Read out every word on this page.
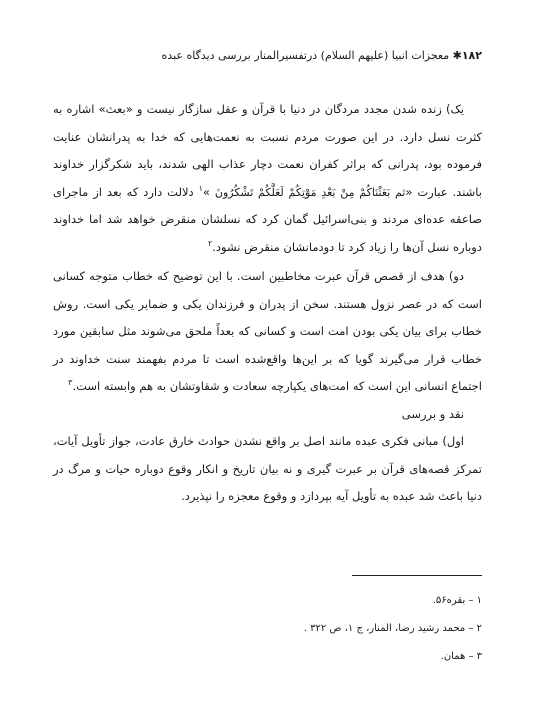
۱۸۲✱ معجزات انبیا (علیهم السلام) درتفسیرالمنار بررسی دیدگاه عبده

یک) زنده شدن مجدد مردگان در دنیا با قرآن و عقل سازگار نیست و «بعث» اشاره به کثرت نسل دارد. در این صورت مردم نسبت به نعمت‌هایی که خدا به پدرانشان عنایت فرموده بود، پدرانی که براثر کفران نعمت دچار عذاب الهی شدند، باید شکرگزار خداوند باشند. عبارت «ثم بَعَثْنَاكُمْ مِنْ بَعْدِ مَوْتِكُمْ لَعَلَّكُمْ تَشْكُرُونَ »$^۱$ دلالت دارد که بعد از ماجرای صاعقه عده‌ای مردند و بنی‌اسرائیل گمان کرد که نسلشان منقرض خواهد شد اما خداوند دوباره نسل آن‌ها را زیاد کرد تا دودمانشان منقرض نشود.$^۲$

دو) هدف از قصص قرآن عبرت مخاطبین است. با این توضیح که خطاب متوجه کسانی است که در عصر نزول هستند. سخن از پدران و فرزندان یکی و ضمایر یکی است. روش خطاب برای بیان یکی بودن امت است و کسانی که بعداً ملحق می‌شوند مثل سابقین مورد خطاب قرار می‌گیرند گویا که بر این‌ها واقع‌شده است تا مردم بفهمند سنت خداوند در اجتماع انسانی این است که امت‌های یکپارچه سعادت و شقاوتشان به هم وابسته است.$^۳$

نقد و بررسی

اول) مبانی فکری عبده مانند اصل بر واقع نشدن حوادث خارق عادت، جواز تأویل آیات، تمرکز قصه‌های قرآن بر عبرت گیری و نه بیان تاریخ و انکار وقوع دوباره حیات و مرگ در دنیا باعث شد عبده به تأویل آیه بپردازد و وقوع معجزه را نپذیرد.

۱ – بقره‌۵۶.
۲ – محمد رشید رضا، المنار، ج ۱، ص ۳۲۲ .
۳ – همان.
